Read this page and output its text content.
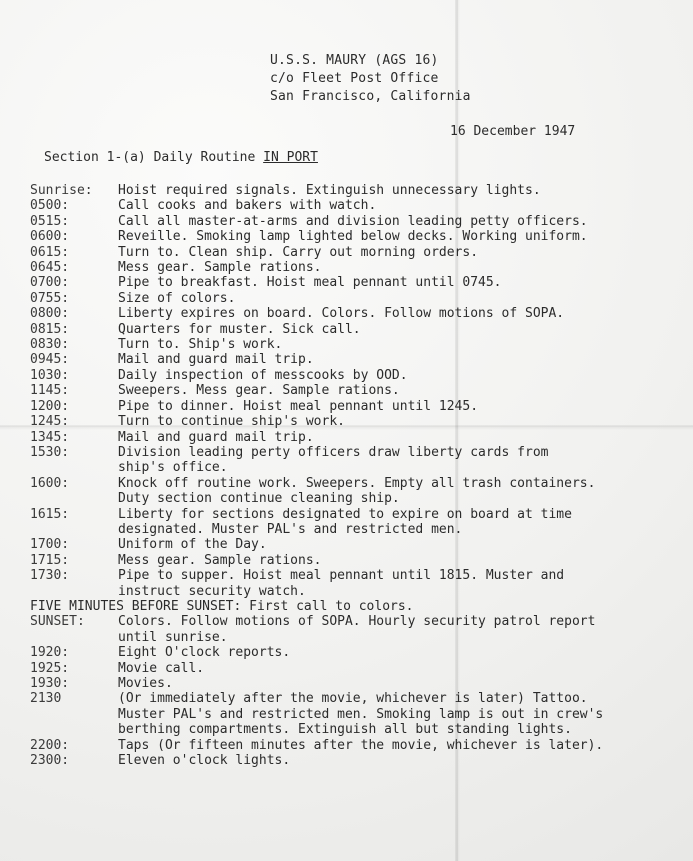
U.S.S. MAURY (AGS 16)
c/o Fleet Post Office
San Francisco, California
16 December 1947
Section 1-(a) Daily Routine IN PORT
Sunrise:	Hoist required signals. Extinguish unnecessary lights.
0500:	Call cooks and bakers with watch.
0515:	Call all master-at-arms and division leading petty officers.
0600:	Reveille. Smoking lamp lighted below decks. Working uniform.
0615:	Turn to. Clean ship. Carry out morning orders.
0645:	Mess gear. Sample rations.
0700:	Pipe to breakfast. Hoist meal pennant until 0745.
0755:	Size of colors.
0800:	Liberty expires on board. Colors. Follow motions of SOPA.
0815:	Quarters for muster. Sick call.
0830:	Turn to. Ship's work.
0945:	Mail and guard mail trip.
1030:	Daily inspection of messcooks by OOD.
1145:	Sweepers. Mess gear. Sample rations.
1200:	Pipe to dinner. Hoist meal pennant until 1245.
1245:	Turn to continue ship's work.
1345:	Mail and guard mail trip.
1530:	Division leading perty officers draw liberty cards from
ship's office.
1600:	Knock off routine work. Sweepers. Empty all trash containers.
Duty section continue cleaning ship.
1615:	Liberty for sections designated to expire on board at time
designated. Muster PAL's and restricted men.
1700:	Uniform of the Day.
1715:	Mess gear. Sample rations.
1730:	Pipe to supper. Hoist meal pennant until 1815. Muster and
instruct security watch.
FIVE MINUTES BEFORE SUNSET: First call to colors.
SUNSET:	Colors. Follow motions of SOPA. Hourly security patrol report
until sunrise.
1920:	Eight O'clock reports.
1925:	Movie call.
1930:	Movies.
2130	(Or immediately after the movie, whichever is later) Tattoo.
Muster PAL's and restricted men. Smoking lamp is out in crew's
berthing compartments. Extinguish all but standing lights.
2200:	Taps (Or fifteen minutes after the movie, whichever is later).
2300:	Eleven o'clock lights.
